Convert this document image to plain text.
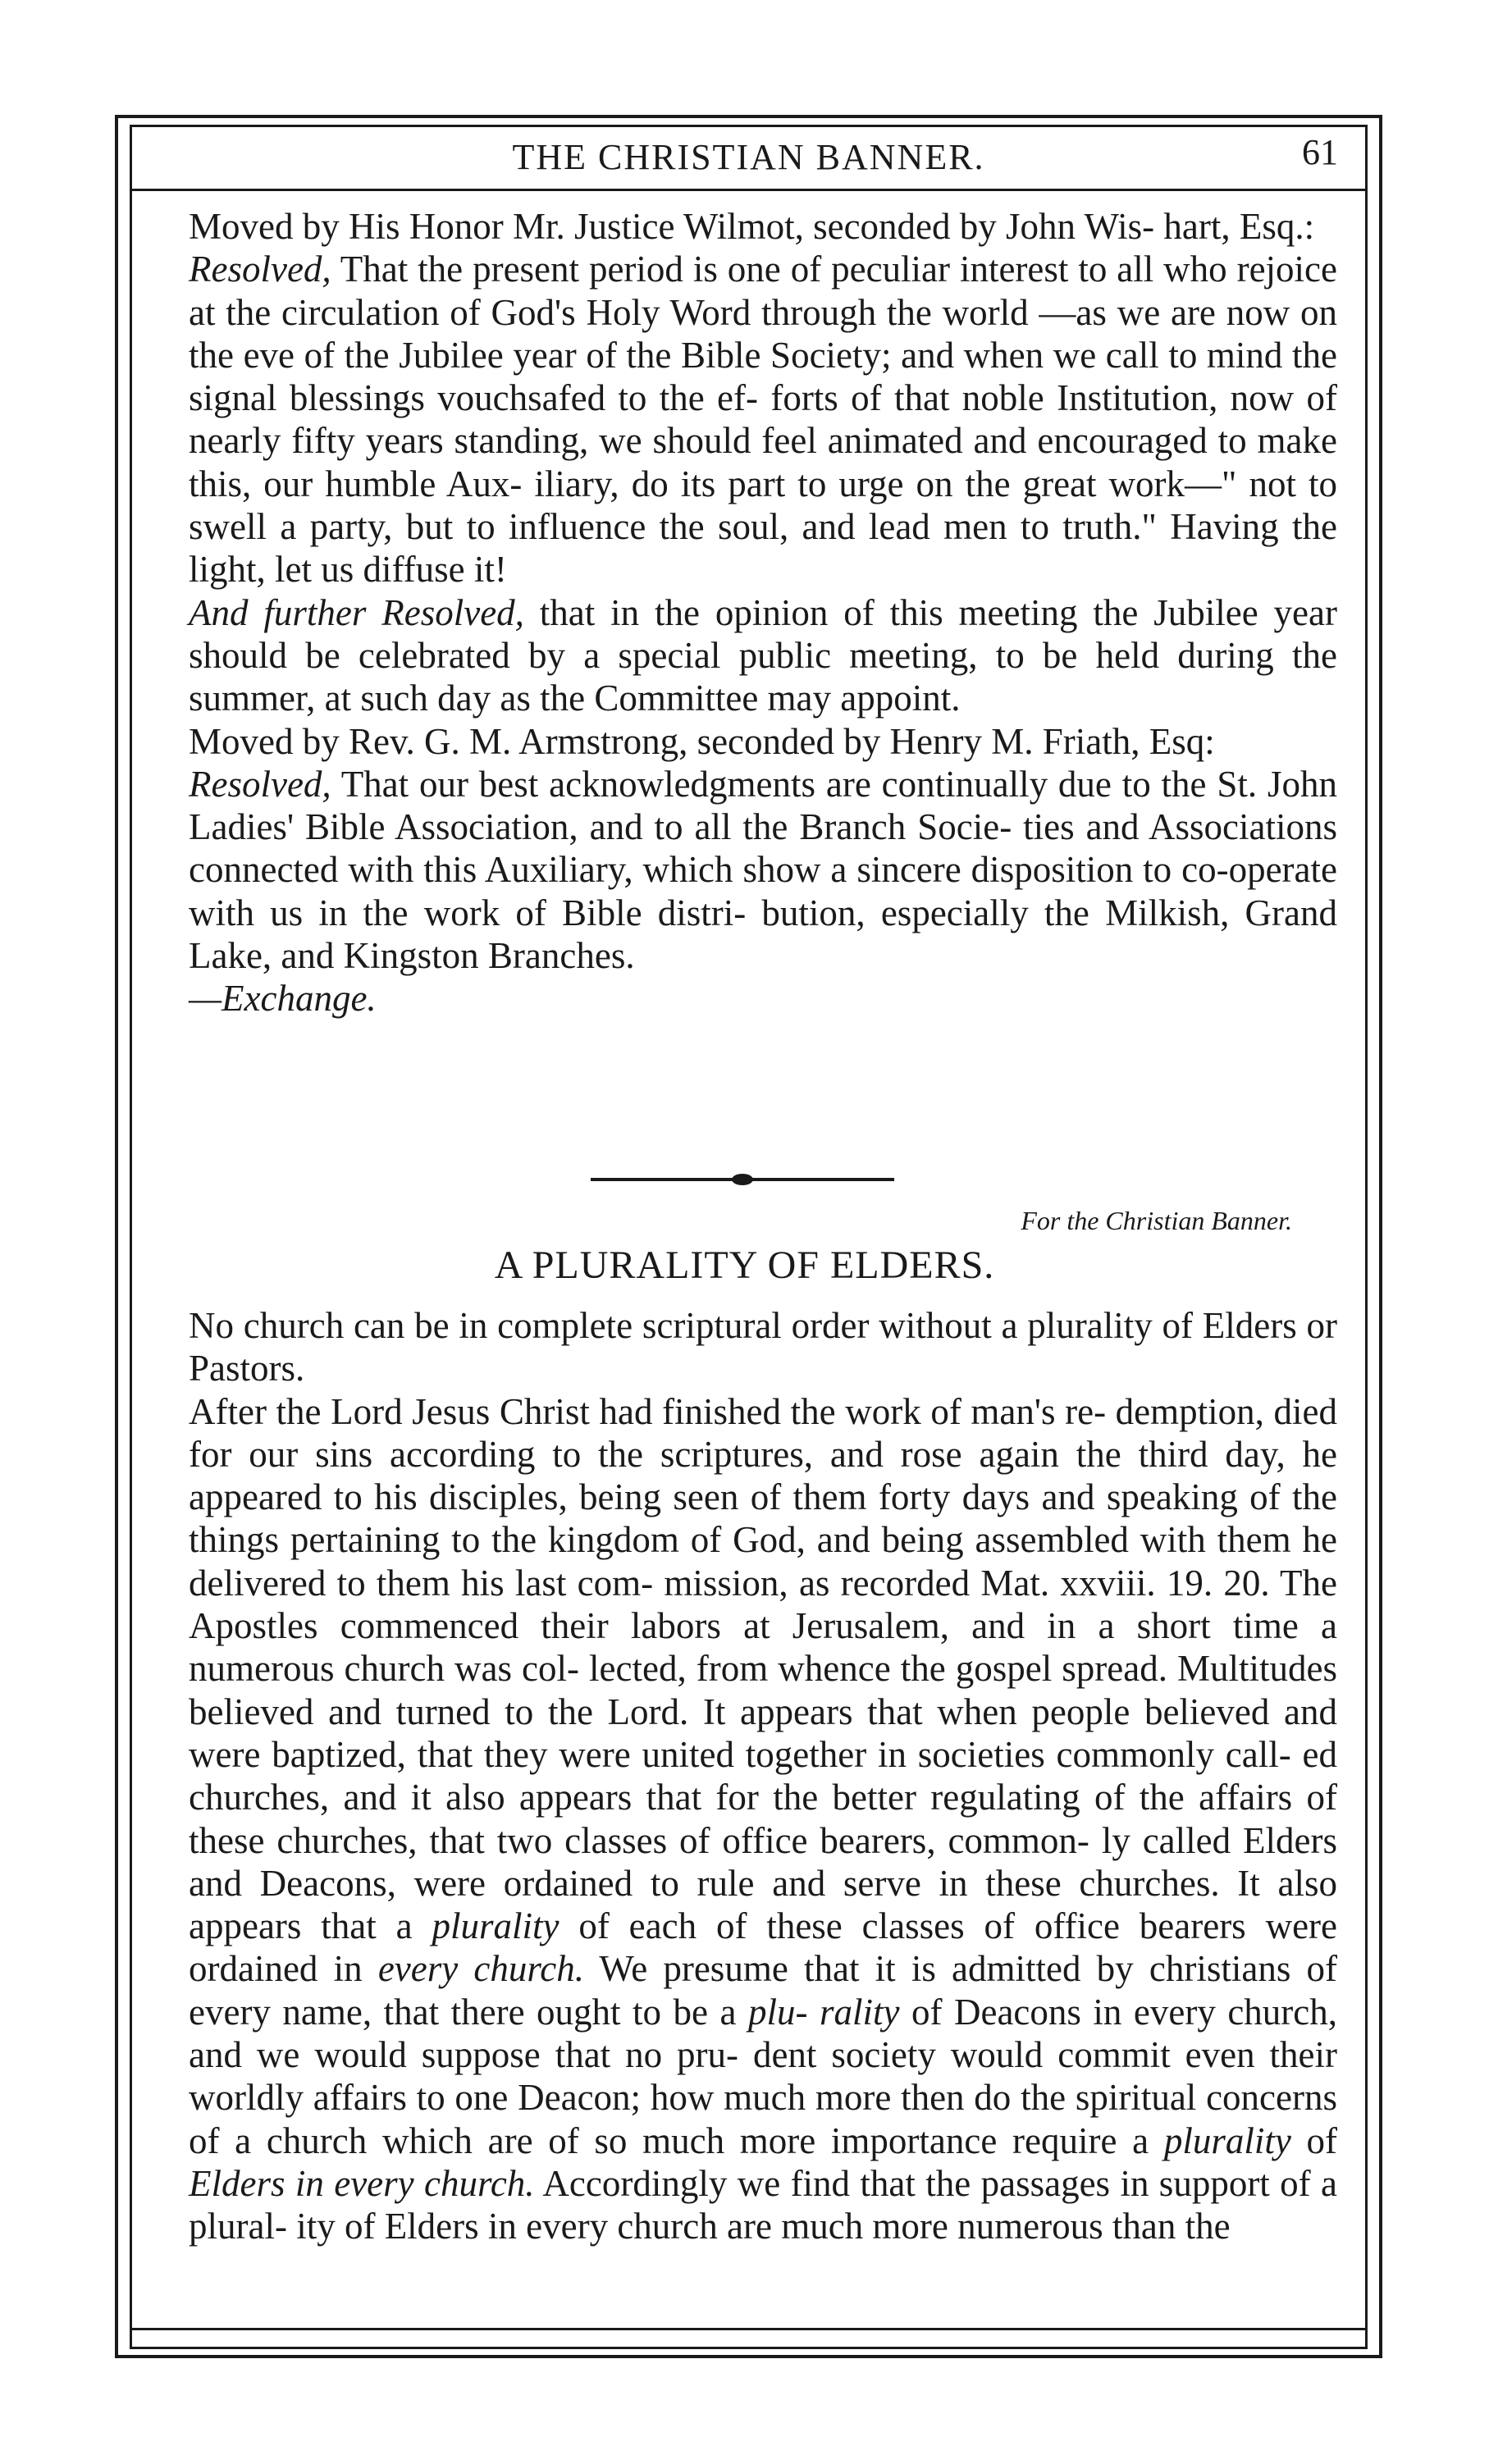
THE CHRISTIAN BANNER.	61

Moved by His Honor Mr. Justice Wilmot, seconded by John Wis- hart, Esq.:

Resolved, That the present period is one of peculiar interest to all who rejoice at the circulation of God's Holy Word through the world —as we are now on the eve of the Jubilee year of the Bible Society; and when we call to mind the signal blessings vouchsafed to the ef- forts of that noble Institution, now of nearly fifty years standing, we should feel animated and encouraged to make this, our humble Aux- iliary, do its part to urge on the great work—" not to swell a party, but to influence the soul, and lead men to truth." Having the light, let us diffuse it!

And further Resolved, that in the opinion of this meeting the Jubilee year should be celebrated by a special public meeting, to be held during the summer, at such day as the Committee may appoint.

Moved by Rev. G. M. Armstrong, seconded by Henry M. Friath, Esq:

Resolved, That our best acknowledgments are continually due to the St. John Ladies' Bible Association, and to all the Branch Socie- ties and Associations connected with this Auxiliary, which show a sincere disposition to co-operate with us in the work of Bible distri- bution, especially the Milkish, Grand Lake, and Kingston Branches.

—Exchange.

For the Christian Banner.
A PLURALITY OF ELDERS.

No church can be in complete scriptural order without a plurality of Elders or Pastors.

After the Lord Jesus Christ had finished the work of man's re- demption, died for our sins according to the scriptures, and rose again the third day, he appeared to his disciples, being seen of them forty days and speaking of the things pertaining to the kingdom of God, and being assembled with them he delivered to them his last com- mission, as recorded Mat. xxviii. 19. 20. The Apostles commenced their labors at Jerusalem, and in a short time a numerous church was col- lected, from whence the gospel spread. Multitudes believed and turned to the Lord. It appears that when people believed and were baptized, that they were united together in societies commonly call- ed churches, and it also appears that for the better regulating of the affairs of these churches, that two classes of office bearers, common- ly called Elders and Deacons, were ordained to rule and serve in these churches. It also appears that a plurality of each of these classes of office bearers were ordained in every church. We presume that it is admitted by christians of every name, that there ought to be a plu- rality of Deacons in every church, and we would suppose that no pru- dent society would commit even their worldly affairs to one Deacon; how much more then do the spiritual concerns of a church which are of so much more importance require a plurality of Elders in every church. Accordingly we find that the passages in support of a plural- ity of Elders in every church are much more numerous than the
